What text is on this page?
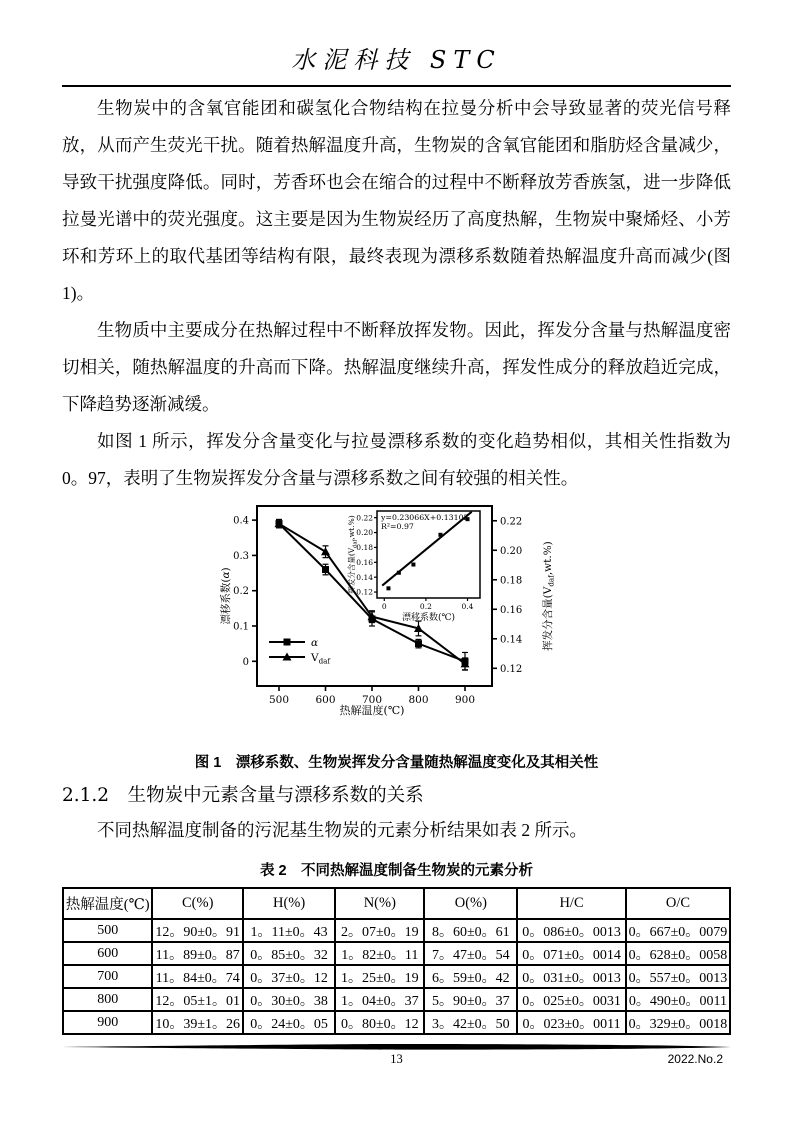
水泥科技 STC

生物炭中的含氧官能团和碳氢化合物结构在拉曼分析中会导致显著的荧光信号释放，从而产生荧光干扰。随着热解温度升高，生物炭的含氧官能团和脂肪烃含量减少，导致干扰强度降低。同时，芳香环也会在缩合的过程中不断释放芳香族氢，进一步降低拉曼光谱中的荧光强度。这主要是因为生物炭经历了高度热解，生物炭中聚烯烃、小芳环和芳环上的取代基团等结构有限，最终表现为漂移系数随着热解温度升高而减少(图 1)。

生物质中主要成分在热解过程中不断释放挥发物。因此，挥发分含量与热解温度密切相关，随热解温度的升高而下降。热解温度继续升高，挥发性成分的释放趋近完成，下降趋势逐渐减缓。

如图 1 所示，挥发分含量变化与拉曼漂移系数的变化趋势相似，其相关性指数为 0。97，表明了生物炭挥发分含量与漂移系数之间有较强的相关性。

0
0.1
0.2
0.3
0.4
0.12
0.14
0.16
0.18
0.20
0.22
500	600	700	800	900
漂移系数(α)
挥发分含量$(V_{daf},wt.\%)$
热解温度(℃)
α
$V_{daf}$
0.12
0.14
0.16
0.18
0.20
0.22
0	0.2	0.4
y=0.23066X+0.13102
R²=0.97
挥发分含量$(V_{daf},wt.\%)$
漂移系数(℃)
图 1　漂移系数、生物炭挥发分含量随热解温度变化及其相关性
2.1.2　生物炭中元素含量与漂移系数的关系

不同热解温度制备的污泥基生物炭的元素分析结果如表 2 所示。

表 2　不同热解温度制备生物炭的元素分析
热解温度(℃)	C(%)	H(%)	N(%)	O(%)	H/C	O/C
500	12。90±0。91	1。11±0。43	2。07±0。19	8。60±0。61	0。086±0。0013	0。667±0。0079
600	11。89±0。87	0。85±0。32	1。82±0。11	7。47±0。54	0。071±0。0014	0。628±0。0058
700	11。84±0。74	0。37±0。12	1。25±0。19	6。59±0。42	0。031±0。0013	0。557±0。0013
800	12。05±1。01	0。30±0。38	1。04±0。37	5。90±0。37	0。025±0。0031	0。490±0。0011
900	10。39±1。26	0。24±0。05	0。80±0。12	3。42±0。50	0。023±0。0011	0。329±0。0018
13	2022.No.2
